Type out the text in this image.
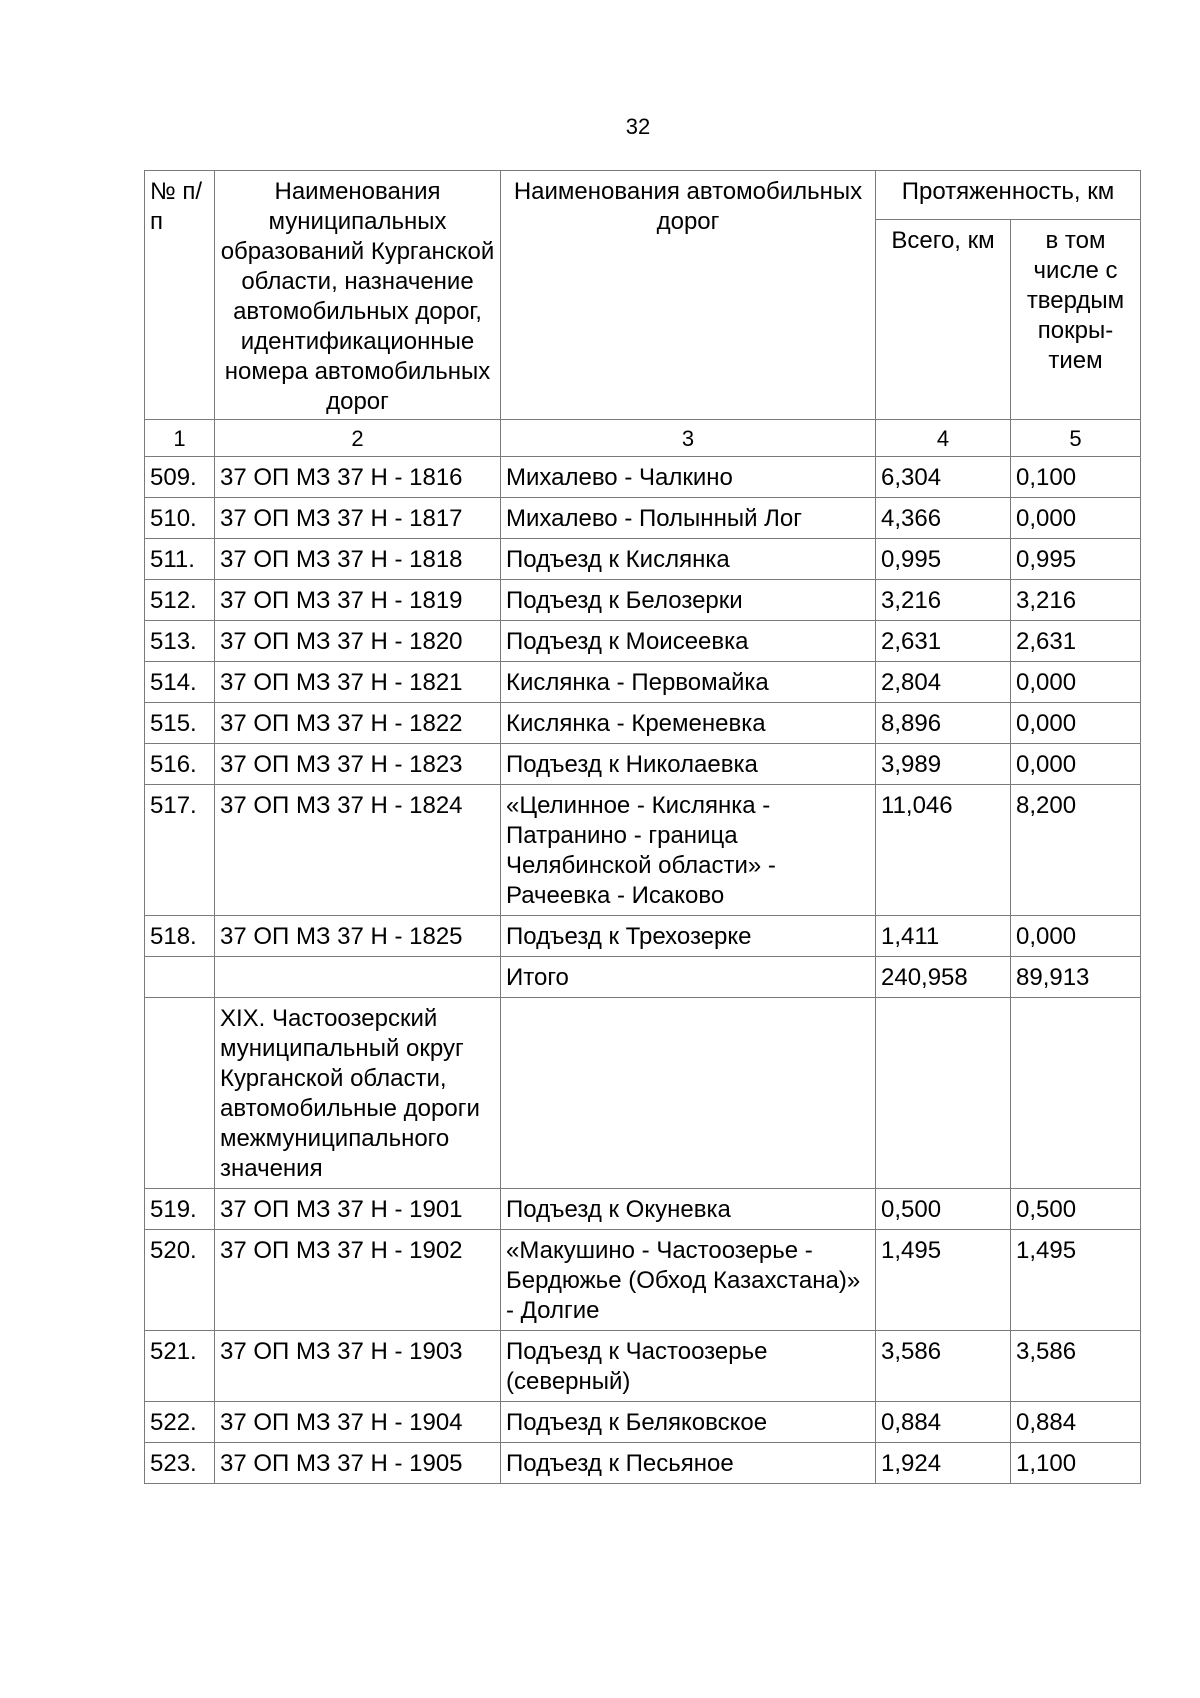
32
№ п/п	Наименования муниципальных образований Курганской области, назначение автомобильных дорог, идентификационные номера автомобильных дорог	Наименования автомобильных дорог	Протяженность, км	
			Всего, км	в том числе с твердым покры-тием
1	2	3	4	5
509.	37 ОП МЗ 37 Н - 1816	Михалево - Чалкино	6,304	0,100
510.	37 ОП МЗ 37 Н - 1817	Михалево - Полынный Лог	4,366	0,000
511.	37 ОП МЗ 37 Н - 1818	Подъезд к Кислянка	0,995	0,995
512.	37 ОП МЗ 37 Н - 1819	Подъезд к Белозерки	3,216	3,216
513.	37 ОП МЗ 37 Н - 1820	Подъезд к Моисеевка	2,631	2,631
514.	37 ОП МЗ 37 Н - 1821	Кислянка - Первомайка	2,804	0,000
515.	37 ОП МЗ 37 Н - 1822	Кислянка - Кременевка	8,896	0,000
516.	37 ОП МЗ 37 Н - 1823	Подъезд к Николаевка	3,989	0,000
517.	37 ОП МЗ 37 Н - 1824	«Целинное - Кислянка - Патранино - граница Челябинской области» - Рачеевка - Исаково	11,046	8,200
518.	37 ОП МЗ 37 Н - 1825	Подъезд к Трехозерке	1,411	0,000
		Итого	240,958	89,913
	XIX. Частоозерский муниципальный округ Курганской области, автомобильные дороги межмуниципального значения			
519.	37 ОП МЗ 37 Н - 1901	Подъезд к Окуневка	0,500	0,500
520.	37 ОП МЗ 37 Н - 1902	«Макушино - Частоозерье - Бердюжье (Обход Казахстана)» - Долгие	1,495	1,495
521.	37 ОП МЗ 37 Н - 1903	Подъезд к Частоозерье (северный)	3,586	3,586
522.	37 ОП МЗ 37 Н - 1904	Подъезд к Беляковское	0,884	0,884
523.	37 ОП МЗ 37 Н - 1905	Подъезд к Песьяное	1,924	1,100
